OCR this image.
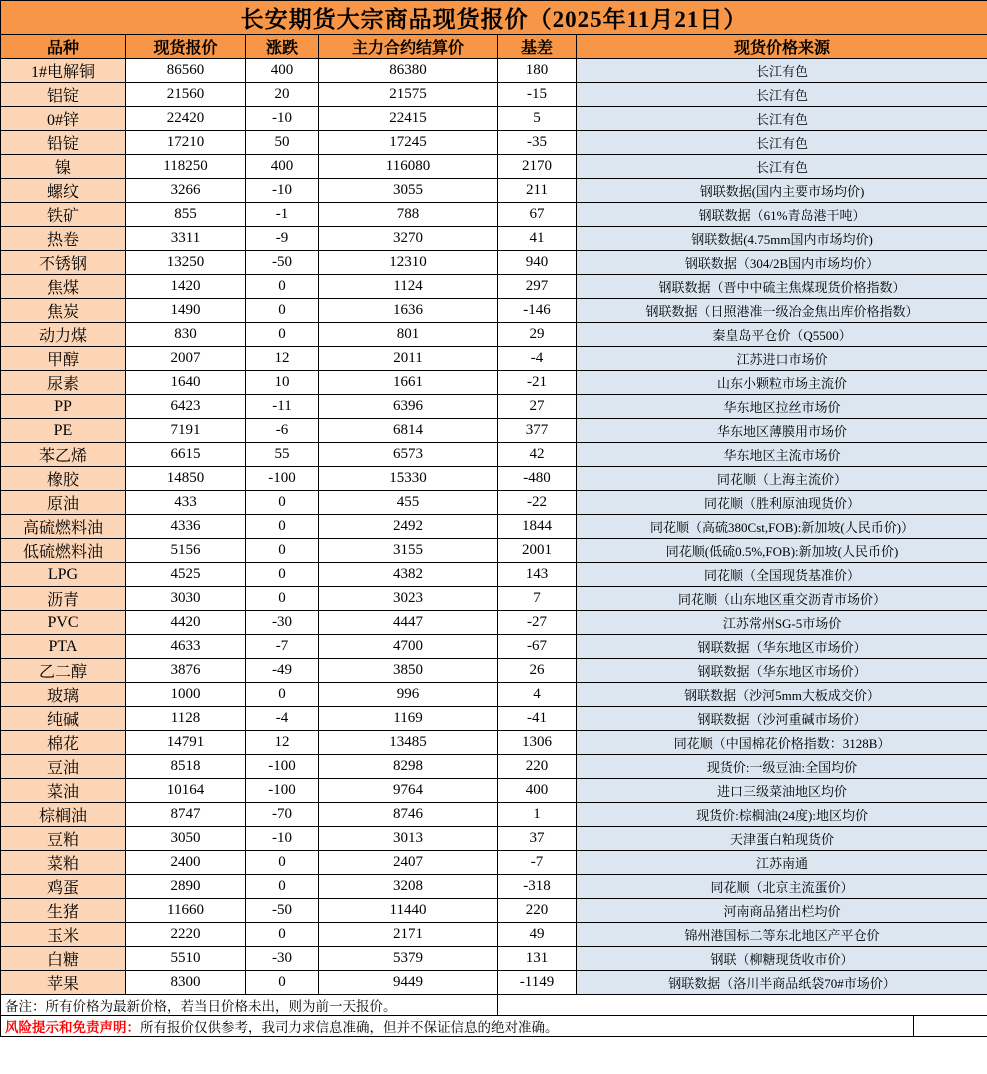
长安期货大宗商品现货报价（2025年11月21日）					
品种	现货报价	涨跌	主力合约结算价	基差	现货价格来源
1#电解铜	86560	400	86380	180	长江有色
铝锭	21560	20	21575	-15	长江有色
0#锌	22420	-10	22415	5	长江有色
铅锭	17210	50	17245	-35	长江有色
镍	118250	400	116080	2170	长江有色
螺纹	3266	-10	3055	211	钢联数据(国内主要市场均价)
铁矿	855	-1	788	67	钢联数据（61%青岛港干吨）
热卷	3311	-9	3270	41	钢联数据(4.75mm国内市场均价)
不锈钢	13250	-50	12310	940	钢联数据（304/2B国内市场均价）
焦煤	1420	0	1124	297	钢联数据（晋中中硫主焦煤现货价格指数）
焦炭	1490	0	1636	-146	钢联数据（日照港准一级冶金焦出库价格指数）
动力煤	830	0	801	29	秦皇岛平仓价（Q5500）
甲醇	2007	12	2011	-4	江苏进口市场价
尿素	1640	10	1661	-21	山东小颗粒市场主流价
PP	6423	-11	6396	27	华东地区拉丝市场价
PE	7191	-6	6814	377	华东地区薄膜用市场价
苯乙烯	6615	55	6573	42	华东地区主流市场价
橡胶	14850	-100	15330	-480	同花顺（上海主流价）
原油	433	0	455	-22	同花顺（胜利原油现货价）
高硫燃料油	4336	0	2492	1844	同花顺（高硫380Cst,FOB):新加坡(人民币价)）
低硫燃料油	5156	0	3155	2001	同花顺(低硫0.5%,FOB):新加坡(人民币价)
LPG	4525	0	4382	143	同花顺（全国现货基准价）
沥青	3030	0	3023	7	同花顺（山东地区重交沥青市场价）
PVC	4420	-30	4447	-27	江苏常州SG-5市场价
PTA	4633	-7	4700	-67	钢联数据（华东地区市场价）
乙二醇	3876	-49	3850	26	钢联数据（华东地区市场价）
玻璃	1000	0	996	4	钢联数据（沙河5mm大板成交价）
纯碱	1128	-4	1169	-41	钢联数据（沙河重碱市场价）
棉花	14791	12	13485	1306	同花顺（中国棉花价格指数：3128B）
豆油	8518	-100	8298	220	现货价:一级豆油:全国均价
菜油	10164	-100	9764	400	进口三级菜油地区均价
棕榈油	8747	-70	8746	1	现货价:棕榈油(24度):地区均价
豆粕	3050	-10	3013	37	天津蛋白粕现货价
菜粕	2400	0	2407	-7	江苏南通
鸡蛋	2890	0	3208	-318	同花顺（北京主流蛋价）
生猪	11660	-50	11440	220	河南商品猪出栏均价
玉米	2220	0	2171	49	锦州港国标二等东北地区产平仓价
白糖	5510	-30	5379	131	钢联（柳糖现货收市价）
苹果	8300	0	9449	-1149	钢联数据（洛川半商品纸袋70#市场价）
备注：所有价格为最新价格，若当日价格未出，则为前一天报价。					
风险提示和免责声明：所有报价仅供参考，我司力求信息准确，但并不保证信息的绝对准确。					
